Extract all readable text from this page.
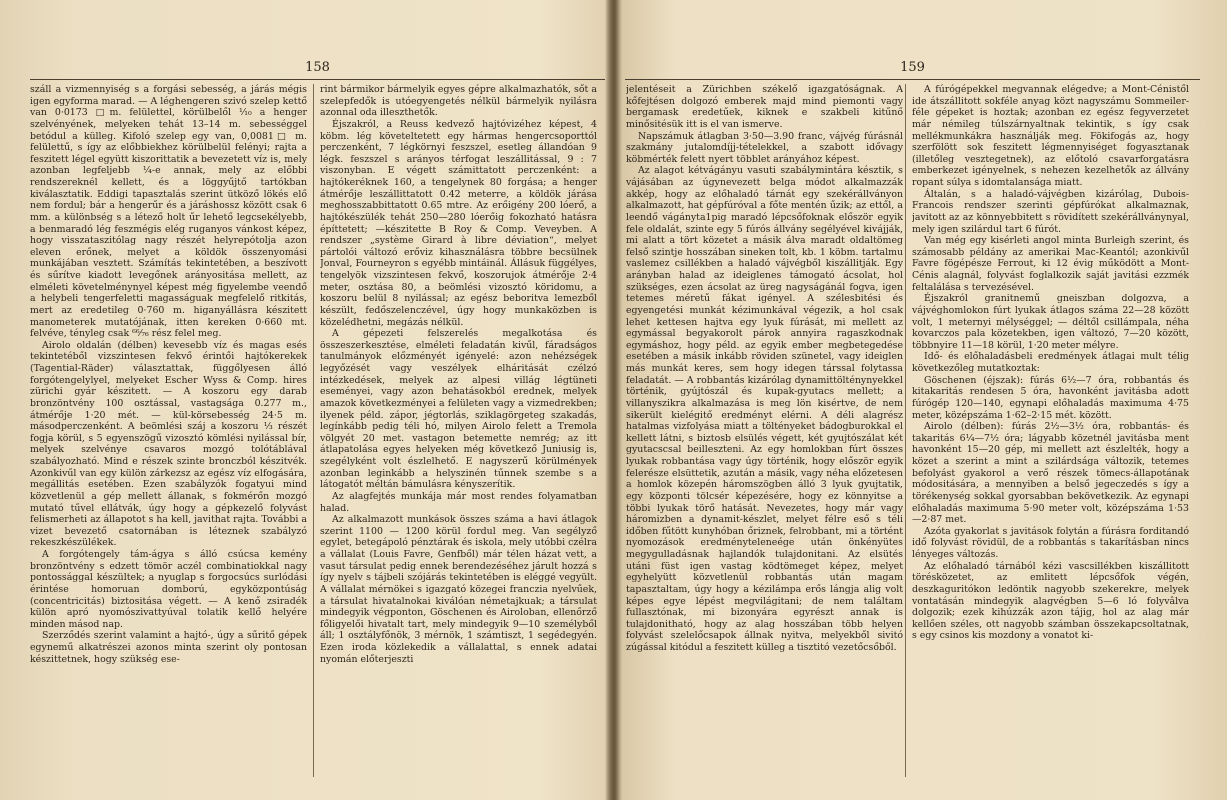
158	159

száll a vizmennyiség s a forgási sebesség, a járás mégis igen egyforma marad. — A léghengeren szivó szelep kettő van 0·0173 □m. felülettel, körülbelől ¹⁄₁₀ a henger szelvényének, melyeken tehát 13–14 m. sebességgel betódul a külleg. Kifoló szelep egy van, 0,0081□ m. felülettű, s így az előbbiekhez körülbelül felényi; rajta a feszitett légel együtt kiszorittatik a bevezetett víz is, mely azonban legfeljebb ¹⁄₄-e annak, mely az előbbi rendszereknél kellett, és a löggyűjtő tartókban kiválasztatik. Eddigi tapasztalás szerint ütköző lökés elő nem fordul; bár a hengerűr és a járáshossz között csak 6 mm. a különbség s a létező holt űr lehető legcsekélyebb, a benmaradó lég feszmégis elég ruganyos vánkost képez, hogy visszataszitólag nagy részét helyrepótolja azon eleven erőnek, melyet a köldök összenyomási munkájában vesztett. Számítás tekintetében, a beszívott és sűrítve kiadott levegőnek arányositása mellett, az elméleti követelménynyel képest még figyelembe veendő a helybeli tengerfeletti magasságuak megfelelő ritkitás, mert az eredetileg 0·760 m. higanyállásra készitett manometerek mutatójának, itten kereken 0·660 mt. felvéve, tényleg csak ⁶⁶⁄₇₆ rész felel meg.

Airolo oldalán (délben) kevesebb víz és magas esés tekintetéből vizszintesen fekvő érintői hajtókerekek (Tagential-Räder) választattak, függőlyesen álló forgótengelylyel, melyeket Escher Wyss & Comp. hires zürichi gyár készitett. — A koszoru egy darab bronzöntvény 100 osztással, vastagsága 0.277 m., átmérője 1·20 mét. — kül-körsebesség 24·5 m. másodperczenként. A beömlési száj a koszoru ¹⁄₃ részét fogja körül, s 5 egyenszögű vizosztó kömlési nyilással bír, melyek szelvénye csavaros mozgó tolótáblával szabályozható. Mind e részek szinte bronczból készitvék. Azonkivűl van egy külön zárkezsz az egész víz elfogására, megállitás esetében. Ezen szabályzók fogatyui mind közvetlenül a gép mellett állanak, s fokmérőn mozgó mutató tűvel ellátvák, úgy hogy a gépkezelő folyvást felismerheti az állapotot s ha kell, javithat rajta. További a vizet bevezető csatornában is léteznek szabályzó rekeszkészülékek.

A forgótengely tám-ágya s álló csúcsa kemény bronzöntvény s edzett tömör aczél combinatiokkal nagy pontossággal készültek; a nyuglap s forgocsúcs surlódási érintése homoruan domború, egyközpontúság (concentricitás) biztositása végett. — A kenő zsiradék külön apró nyomószivattyúval tolatik kellő helyére minden másod nap.

Szerződés szerint valamint a hajtó-, úgy a sűritő gépek egynemű alkatrészei azonos minta szerint oly pontosan készittetnek, hogy szükség ese-

rint bármikor bármelyik egyes gépre alkalmazhatók, sőt a szelepfedők is utóegyengetés nélkül bármelyik nyilásra azonnal oda illeszthetők.

Éjszakról, a Reuss kedvező hajtóvizéhez képest, 4 köbm. lég követeltetett egy hármas hengercsoporttól perczenként, 7 légkörnyi feszszel, esetleg állandóan 9 légk. feszszel s arányos térfogat leszállitással, 9 : 7 viszonyban. E végett számittatott perczenként: a hajtókeréknek 160, a tengelynek 80 forgása; a henger átmérője leszállittatott 0.42 meterre, a köldök járása meghosszabbittatott 0.65 mtre. Az erőigény 200 lóerő, a hajtókészülék tehát 250—280 lóerőig fokozható hatásra építtetett; —készitette B Roy & Comp. Veveyben. A rendszer „système Girard à libre déviation“, melyet pártolói változó erőviz kihasználásra többre becsülnek Jonval, Fourneyron s egyébb mintáinál. Állásuk függélyes, tengelyök vizszintesen fekvő, koszorujok átmérője 2·4 meter, osztása 80, a beömlési vizosztó köridomu, a koszoru belül 8 nyilással; az egész beboritva lemezből készült, fedőszelenczével, úgy hogy munkaközben is közelédhetni, megázás nélkül.

A gépezeti felszerelés megalkotása és összeszerkesztése, elméleti feladatán kivűl, fáradságos tanulmányok előzményét igényelé: azon nehézségek legyőzését vagy veszélyek elháritását czélzó intézkedések, melyek az alpesi villág légtüneti eseményei, vagy azon behatásokból erednek, melyek amazok következményei a felületen vagy a vizmedrekben; ilyenek péld. zápor, jégtorlás, sziklagörgeteg szakadás, legínkább pedig téli hó, milyen Airolo felett a Tremola völgyét 20 met. vastagon betemette nemrég; az itt átlapatolása egyes helyeken még következő Juniusig is, szegélyként volt észlelhető. E nagyszerű körülmények azonban leginkább a helyszinén tűnnek szembe s a látogatót méltán bámulásra kényszerítik.

Az alagfejtés munkája már most rendes folyamatban halad.

Az alkalmazott munkások összes száma a havi átlagok szerint 1100 — 1200 körül fordul meg. Van segélyző egylet, betegápoló pénztárak és iskola, mely utóbbi czélra a vállalat (Louis Favre, Genfből) már télen házat vett, a vasut társulat pedig ennek berendezéséhez járult hozzá s így nyelv s tájbeli szójárás tekintetében is eléggé vegyült. A vállalat mérnökei s igazgató közegei franczia nyelvűek, a társulat hivatalnokai kiválóan németajkuak; a társulat mindegyik végponton, Göschenen és Airoloban, ellenőrző főligyelői hivatalt tart, mely mindegyik 9—10 személyből áll; 1 osztályfőnök, 3 mérnök, 1 számtiszt, 1 segédegyén. Ezen iroda közlekedik a vállalattal, s ennek adatai nyomán előterjeszti

jelentéseit a Zürichben székelő igazgatóságnak. A kőfejtésen dolgozó emberek majd mind piemonti vagy bergamask eredetűek, kiknek e szakbeli kitűnő minősitésük itt is el van ismerve.

Napszámuk átlagban 3·50—3.90 franc, vájvég fúrásnál szakmány jutalomdíjj-tételekkel, a szabott idővagy köbmérték felett nyert többlet arányához képest.

Az alagot kétvágányu vasuti szabálymintára késztik, s vájásában az úgynevezett belga módot alkalmazzák akkép, hogy az előhaladó tárnát egy szekérállványon alkalmazott, hat gépfúróval a főte mentén űzik; az ettől, a leendő vágányta1pig maradó lépcsőfoknak először egyik fele oldalát, szinte egy 5 fúrós állvány segélyével kivájják, mi alatt a tört közetet a másik álva maradt oldaltömeg felső szintje hosszában sineken tolt, kb. 1 köbm. tartalmu vaslemez csillékben a haladó vájvégből kiszállitják. Egy arányban halad az ideiglenes támogató ácsolat, hol szükséges, ezen ácsolat az üreg nagyságánál fogva, igen tetemes méretű fákat igényel. A szélesbitési és egyengetési munkát kézimunkával végezik, a hol csak lehet kettesen hajtva egy lyuk fúrását, mi mellett az egymással begyakorolt párok annyira ragaszkodnak egymáshoz, hogy péld. az egyik ember megbetegedése esetében a másik inkább röviden szünetel, vagy ideiglen más munkát keres, sem hogy idegen társsal folytassa feladatát. — A robbantás kizárólag dynamittölténynyekkel történik, gyújtószál és kupak-gyutacs mellett; a villanyszikra alkalmazása is meg lön kisértve, de nem sikerült kielégitő eredményt elérni. A déli alagrész hatalmas vizfolyása miatt a töltényeket bádogburokkal el kellett látni, s biztosb elsülés végett, két gyujtószálat két gyutacscsal beilleszteni. Az egy homlokban fúrt összes lyukak robbantása vagy úgy történik, hogy először egyik felerésze elsüttetik, azután a másik, vagy néha előzetesen a homlok közepén háromszögben álló 3 lyuk gyujtatik, egy központi tölcsér képezésére, hogy ez könnyitse a többi lyukak törő hatását. Nevezetes, hogy már vagy háromizben a dynamit-készlet, melyet félre eső s téli időben fűtött kunyhóban őriznek, felrobbant, mi a történt nyomozások eredményteleneége után önkényütes megygulladásnak hajlandók tulajdonitani. Az elsütés utáni füst igen vastag ködtömeget képez, melyet egyhelyütt közvetlenül robbantás után magam tapasztaltam, úgy hogy a kézilámpa erős lángja alig volt képes egye lépést megvilágitani; de nem találtam fullasztónak, mi bizonyára egyrészt annak is tulajdonitható, hogy az alag hosszában több helyen folyvást szelelőcsapok állnak nyitva, melyekből sivitó zúgással kitódul a feszitett külleg a tisztitó vezetőcsőből.

A fúrógépekkel megvannak elégedve; a Mont-Cénistől ide átszállitott sokféle anyag közt nagyszámu Sommeiler-féle gépeket is hoztak; azonban ez egész fegyverzetet már némileg túlszárnyaltnak tekintik, s így csak mellékmunkákra használják meg. Fökifogás az, hogy szerfölött sok feszitett légmennyiséget fogyasztanak (illetőleg vesztegetnek), az előtoló csavarforgatásra emberkezet igényelnek, s nehezen kezelhetők az állvány ropant súlya s idomtalansága miatt.

Általán, s a haladó-vájvégben kizárólag, Dubois-Francois rendszer szerinti gépfúrókat alkalmaznak, javitott az az könnyebbitett s rövidített szekérállványnyal, mely igen szilárdul tart 6 fúrót.

Van még egy kisérleti angol minta Burleigh szerint, és számosabb példány az amerikai Mac-Keantól; azonkivűl Favre fögépésze Ferrout, ki 12 évig működött a Mont-Cénis alagnál, folyvást foglalkozik saját javitási ezzmék feltalálása s tervezésével.

Éjszakról granitnemű gneiszban dolgozva, a vájvéghomlokon fúrt lyukak átlagos száma 22—28 között volt, 1 meternyi mélységgel; — déltől csillámpala, néha kovarczos pala közetekben, igen változó, 7—20 között, többnyire 11—18 körül, 1·20 meter mélyre.

Idő- és előhaladásbeli eredmények átlagai mult télig következőleg mutatkoztak:

Göschenen (éjszak): fúrás 6¹⁄₂—7 óra, robbantás és kitakaritás rendesen 5 óra, havonként javitásba adott fúrógép 120—140, egynapi előhaladás maximuma 4·75 meter, középszáma 1·62–2·15 mét. között.

Airolo (délben): fúrás 2¹⁄₂—3¹⁄₂ óra, robbantás- és takaritás 6¹⁄₄—7¹⁄₂ óra; lágyabb közetnél javitásba ment havonként 15—20 gép, mi mellett azt észlelték, hogy a közet a szerint a mint a szilárdsága változik, tetemes befolyást gyakorol a verő részek tömecs-állapotának módositására, a mennyiben a belső jegeczedés s így a törékenység sokkal gyorsabban bekövetkezik. Az egynapi előhaladás maximuma 5·90 meter volt, középszáma 1·53—2·87 met.

Azóta gyakorlat s javitások folytán a fúrásra forditandó idő folyvást rövidül, de a robbantás s takarításban nincs lényeges változás.

Az előhaladó tárnából kézi vascsillékben kiszállitott törésközetet, az emlitett lépcsőfok végén, deszkaguritókon ledöntik nagyobb szekerekre, melyek vontatásán mindegyik alagvégben 5—6 ló folyvâlva dolgozik; ezek kihúzzák azon tájig, hol az alag már kellően széles, ott nagyobb számban összekapcsoltatnak, s egy csinos kis mozdony a vonatot ki-
